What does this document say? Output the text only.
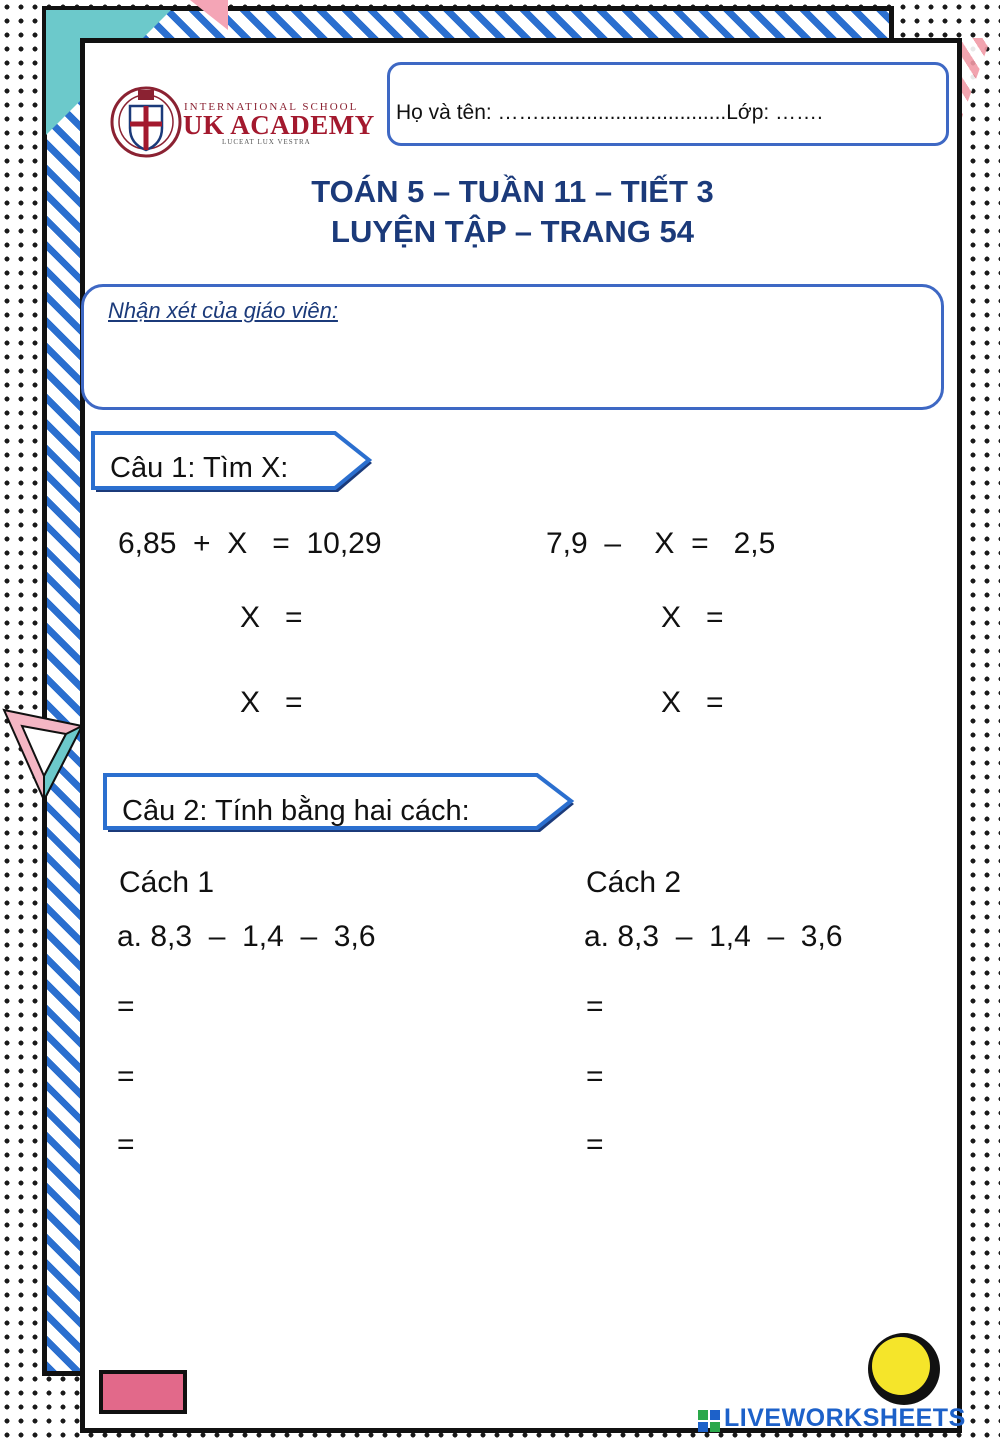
INTERNATIONAL SCHOOL
UK ACADEMY
LUCEAT LUX VESTRA
Họ và tên: ……................................Lớp: …….
TOÁN 5 – TUẦN 11 – TIẾT 3
LUYỆN TẬP – TRANG 54
Nhận xét của giáo viên:
Câu 1: Tìm X:
6,85  +  X   =  10,29
X   =
X   =
7,9  –    X  =   2,5
X   =
X   =
Câu 2: Tính bằng hai cách:
Cách 1
a. 8,3  –  1,4  –  3,6
=
=
=
Cách 2
a. 8,3  –  1,4  –  3,6
=
=
=
LIVEWORKSHEETS
